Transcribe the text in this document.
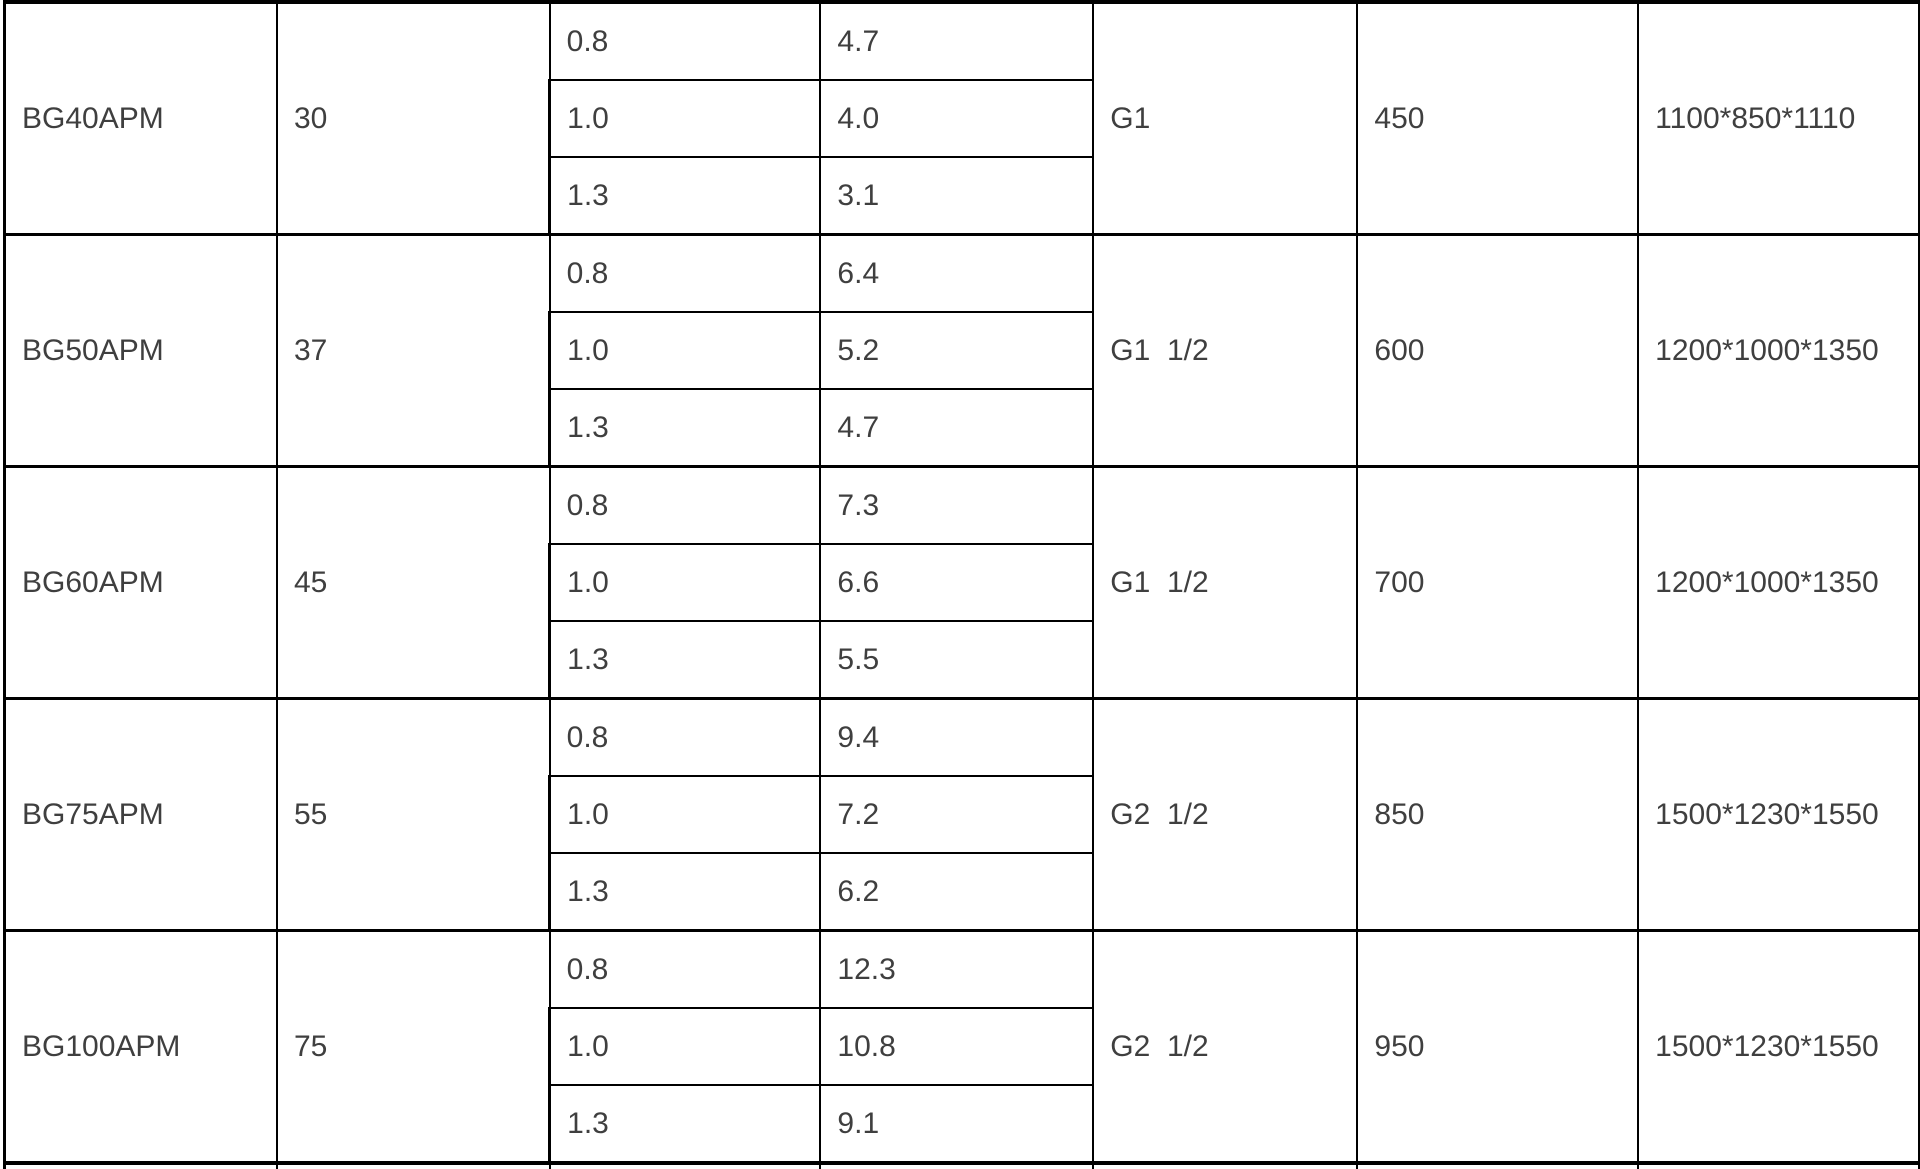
BG40APM	30	0.8	4.7	G1	450	1100*850*1110
		1.0	4.0			
		1.3	3.1			
BG50APM	37	0.8	6.4	G1  1/2	600	1200*1000*1350
		1.0	5.2			
		1.3	4.7			
BG60APM	45	0.8	7.3	G1  1/2	700	1200*1000*1350
		1.0	6.6			
		1.3	5.5			
BG75APM	55	0.8	9.4	G2  1/2	850	1500*1230*1550
		1.0	7.2			
		1.3	6.2			
BG100APM	75	0.8	12.3	G2  1/2	950	1500*1230*1550
		1.0	10.8			
		1.3	9.1			
